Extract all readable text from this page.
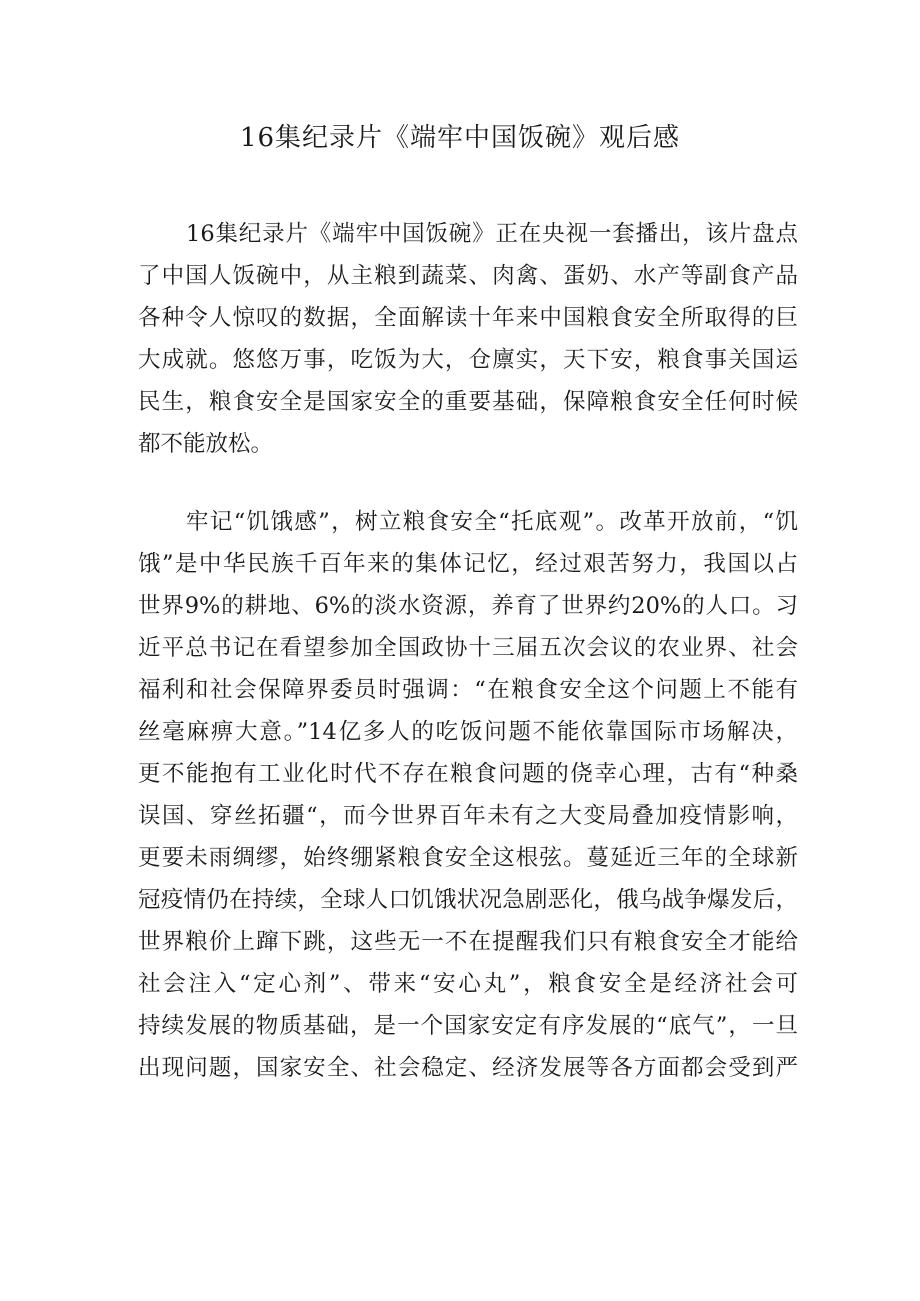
16集纪录片《端牢中国饭碗》观后感

16集纪录片《端牢中国饭碗》正在央视一套播出，该片盘点

了中国人饭碗中，从主粮到蔬菜、肉禽、蛋奶、水产等副食产品

各种令人惊叹的数据，全面解读十年来中国粮食安全所取得的巨

大成就。悠悠万事，吃饭为大，仓廪实，天下安，粮食事关国运

民生，粮食安全是国家安全的重要基础，保障粮食安全任何时候

都不能放松。

牢记“饥饿感”，树立粮食安全“托底观”。改革开放前，“饥

饿”是中华民族千百年来的集体记忆，经过艰苦努力，我国以占

世界9%的耕地、6%的淡水资源，养育了世界约20%的人口。习

近平总书记在看望参加全国政协十三届五次会议的农业界、社会

福利和社会保障界委员时强调：“在粮食安全这个问题上不能有

丝毫麻痹大意。”14亿多人的吃饭问题不能依靠国际市场解决，

更不能抱有工业化时代不存在粮食问题的侥幸心理，古有“种桑

误国、穿丝拓疆“，而今世界百年未有之大变局叠加疫情影响，

更要未雨绸缪，始终绷紧粮食安全这根弦。蔓延近三年的全球新

冠疫情仍在持续，全球人口饥饿状况急剧恶化，俄乌战争爆发后，

世界粮价上蹿下跳，这些无一不在提醒我们只有粮食安全才能给

社会注入“定心剂”、带来“安心丸”，粮食安全是经济社会可

持续发展的物质基础，是一个国家安定有序发展的“底气”，一旦

出现问题，国家安全、社会稳定、经济发展等各方面都会受到严
